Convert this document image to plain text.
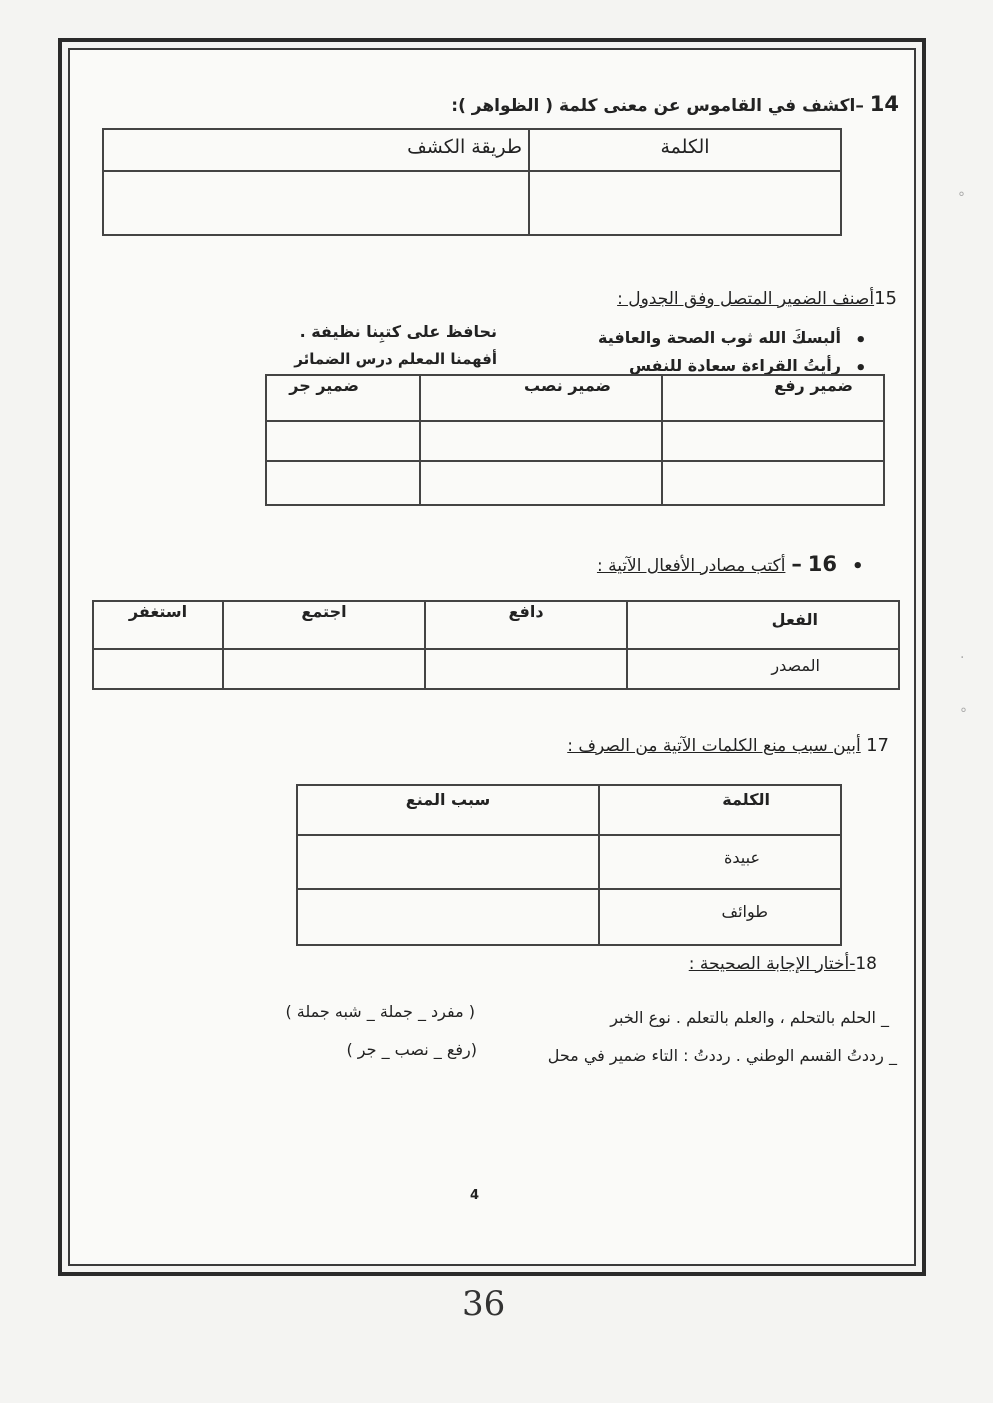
14 –اكشف في القاموس عن معنى كلمة ( الظواهر ):
الكلمة	طريقة الكشف

15أصنف الضمير المتصل وفق الجدول :
•
ألبسكَ الله ثوب الصحة والعافية
نحافظ على كتبِنا نظيفة .
•
رأيتُ القراءة سعادة للنفس
أفهمنا المعلم درس الضمائر
ضمير رفع	ضمير نصب	ضمير جر

•
16 – أكتب مصادر الأفعال الآتية :
الفعل	دافع	اجتمع	استغفر
المصدر			
17 أبين سبب منع الكلمات الآتية من الصرف :
الكلمة	سبب المنع
عبيدة	
طوائف	
18-أختار الإجابة الصحيحة :
_ الحلم بالتحلم ، والعلم بالتعلم . نوع الخبر
( مفرد _ جملة _ شبه جملة )
_ رددتُ القسم الوطني . رددتُ : التاء ضمير في محل
(رفع _ نصب _ جر )
4
36
°
·
°
